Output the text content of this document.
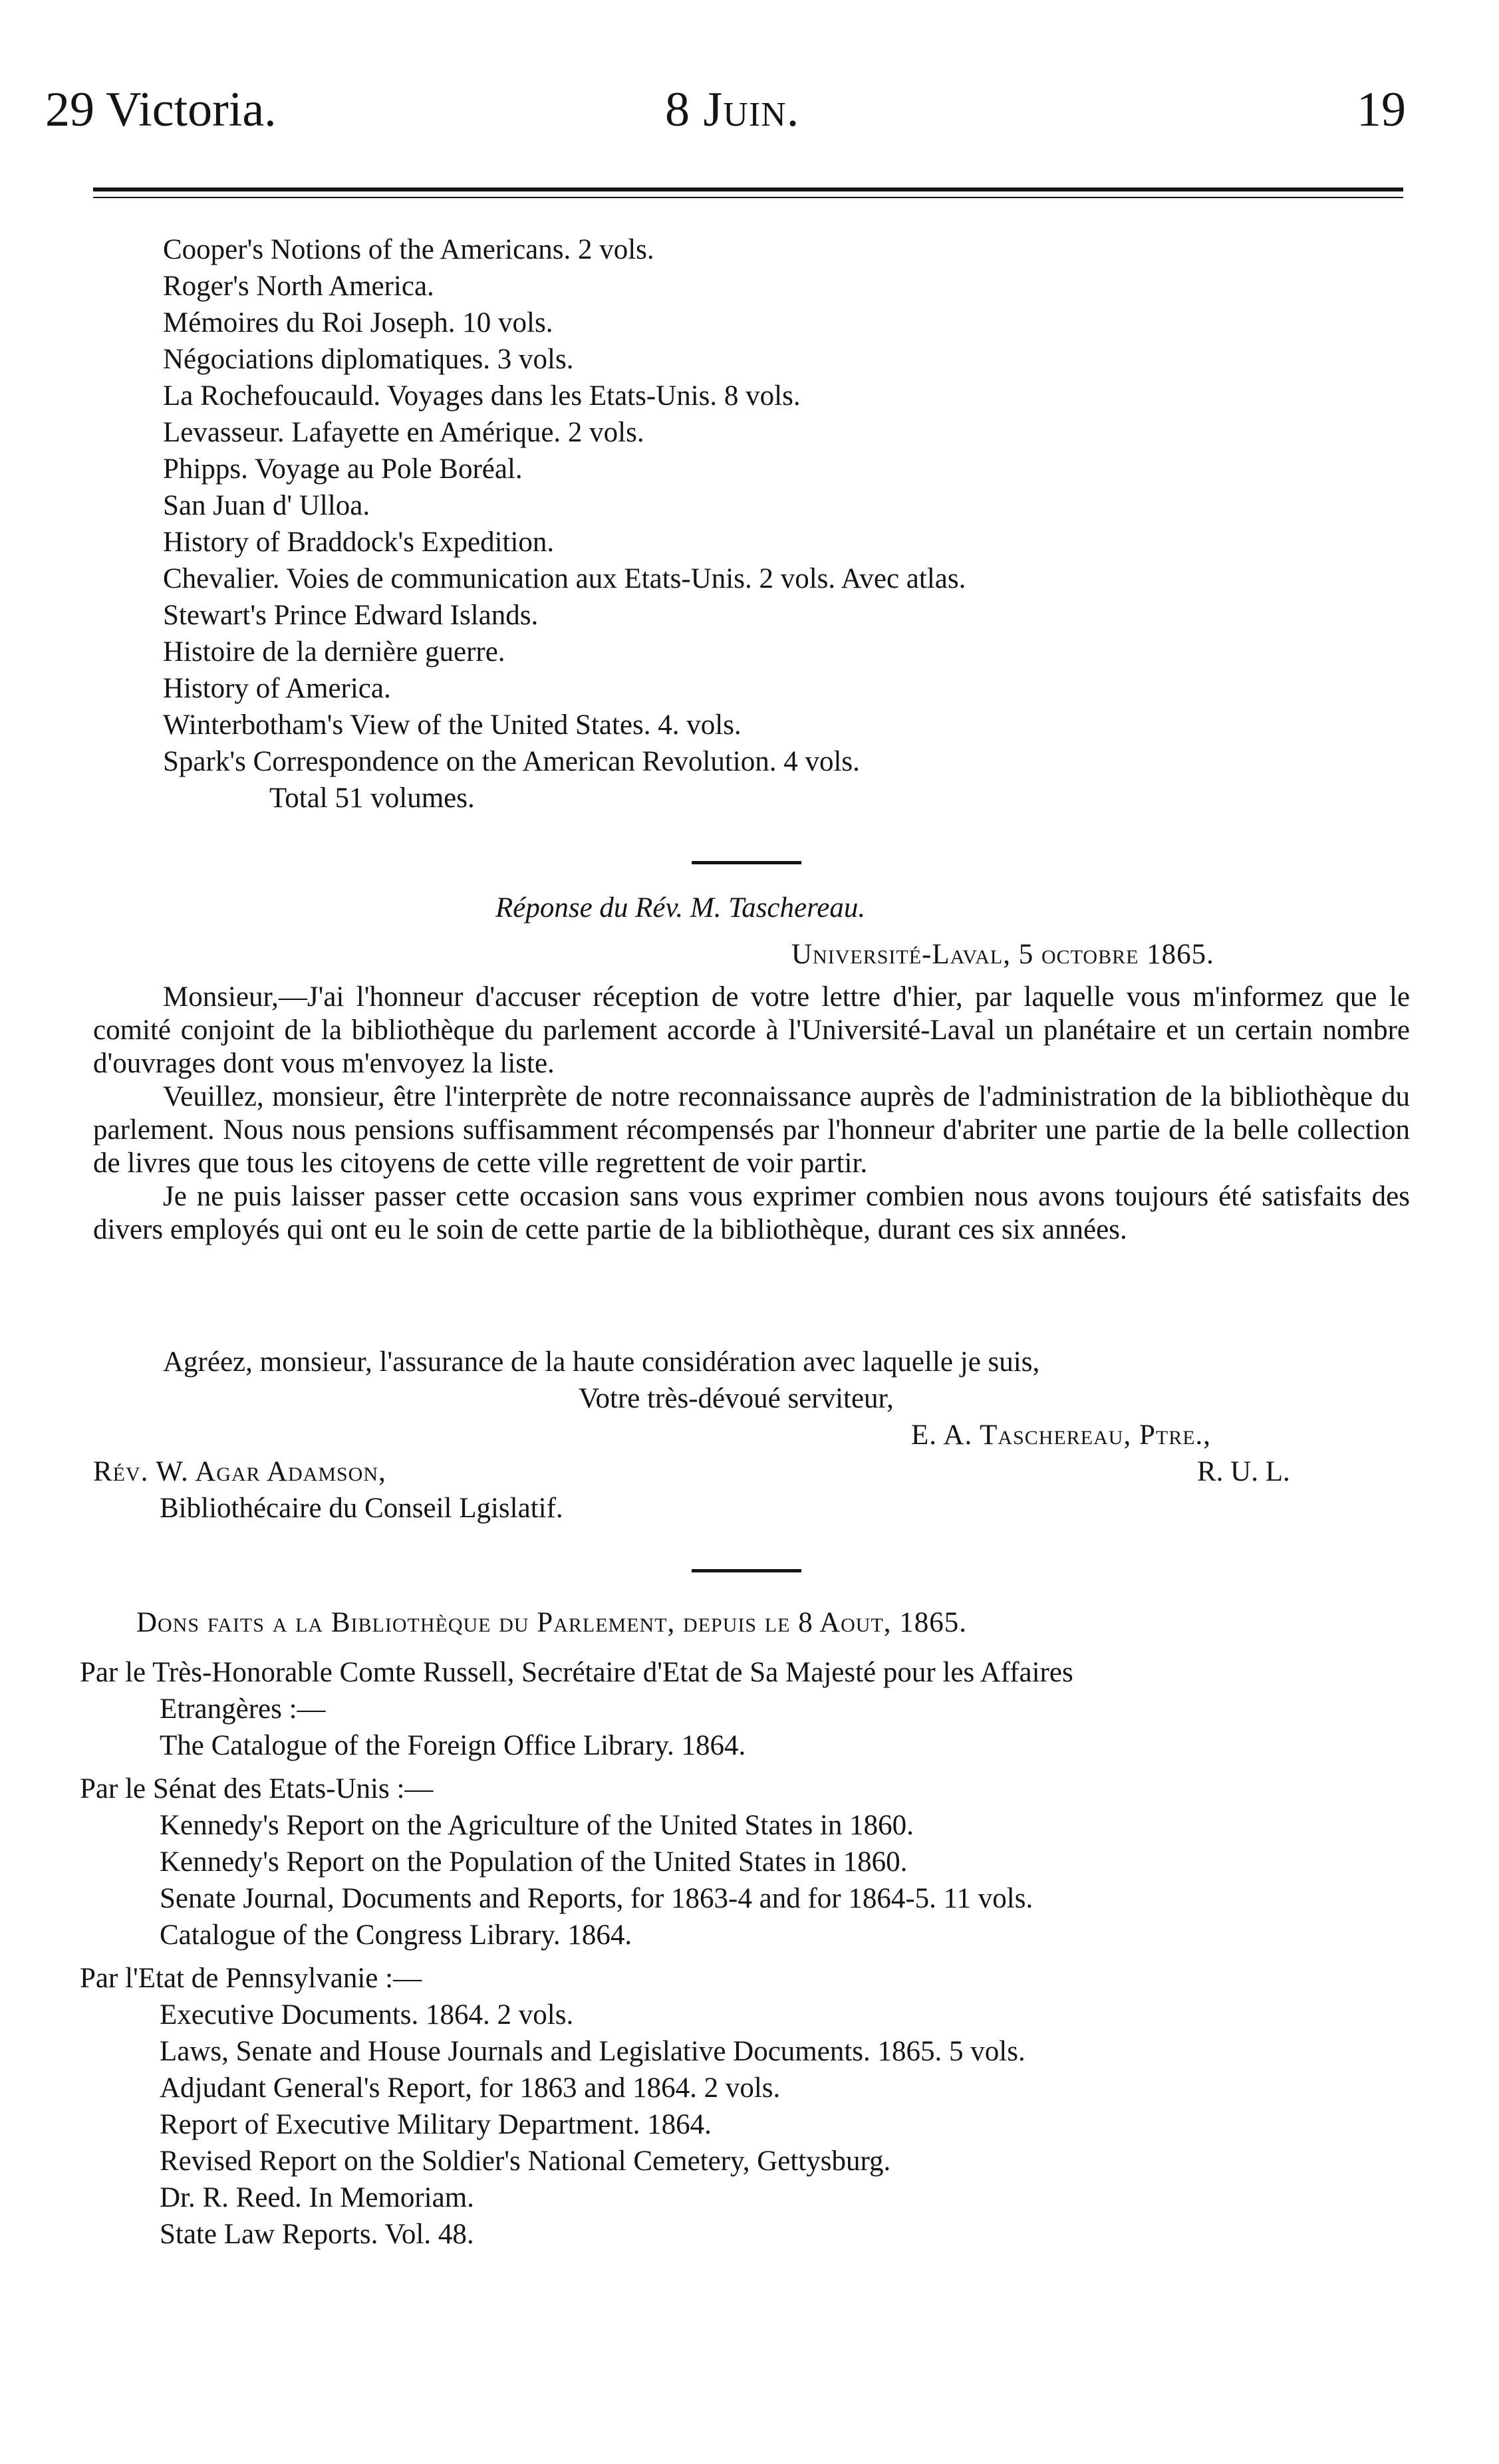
29 Victoria.	8 Juin.	19
Cooper's Notions of the Americans. 2 vols.
Roger's North America.
Mémoires du Roi Joseph. 10 vols.
Négociations diplomatiques. 3 vols.
La Rochefoucauld. Voyages dans les Etats-Unis. 8 vols.
Levasseur. Lafayette en Amérique. 2 vols.
Phipps. Voyage au Pole Boréal.
San Juan d' Ulloa.
History of Braddock's Expedition.
Chevalier. Voies de communication aux Etats-Unis. 2 vols. Avec atlas.
Stewart's Prince Edward Islands.
Histoire de la dernière guerre.
History of America.
Winterbotham's View of the United States. 4. vols.
Spark's Correspondence on the American Revolution. 4 vols.
Total 51 volumes.
Réponse du Rév. M. Taschereau.
Université-Laval, 5 octobre 1865.

Monsieur,—J'ai l'honneur d'accuser réception de votre lettre d'hier, par laquelle vous m'informez que le comité conjoint de la bibliothèque du parlement accorde à l'Université-Laval un planétaire et un certain nombre d'ouvrages dont vous m'envoyez la liste.

Veuillez, monsieur, être l'interprète de notre reconnaissance auprès de l'administration de la bibliothèque du parlement. Nous nous pensions suffisamment récompensés par l'honneur d'abriter une partie de la belle collection de livres que tous les citoyens de cette ville regrettent de voir partir.

Je ne puis laisser passer cette occasion sans vous exprimer combien nous avons toujours été satisfaits des divers employés qui ont eu le soin de cette partie de la bibliothèque, durant ces six années.

Agréez, monsieur, l'assurance de la haute considération avec laquelle je suis,
Votre très-dévoué serviteur,
E. A. Taschereau, Ptre.,
Rév. W. Agar Adamson,	R. U. L.
Bibliothécaire du Conseil Lgislatif.
Dons faits a la Bibliothèque du Parlement, depuis le 8 Aout, 1865.
Par le Très-Honorable Comte Russell, Secrétaire d'Etat de Sa Majesté pour les Affaires
Etrangères :—
The Catalogue of the Foreign Office Library. 1864.
Par le Sénat des Etats-Unis :—
Kennedy's Report on the Agriculture of the United States in 1860.
Kennedy's Report on the Population of the United States in 1860.
Senate Journal, Documents and Reports, for 1863-4 and for 1864-5. 11 vols.
Catalogue of the Congress Library. 1864.
Par l'Etat de Pennsylvanie :—
Executive Documents. 1864. 2 vols.
Laws, Senate and House Journals and Legislative Documents. 1865. 5 vols.
Adjudant General's Report, for 1863 and 1864. 2 vols.
Report of Executive Military Department. 1864.
Revised Report on the Soldier's National Cemetery, Gettysburg.
Dr. R. Reed. In Memoriam.
State Law Reports. Vol. 48.
